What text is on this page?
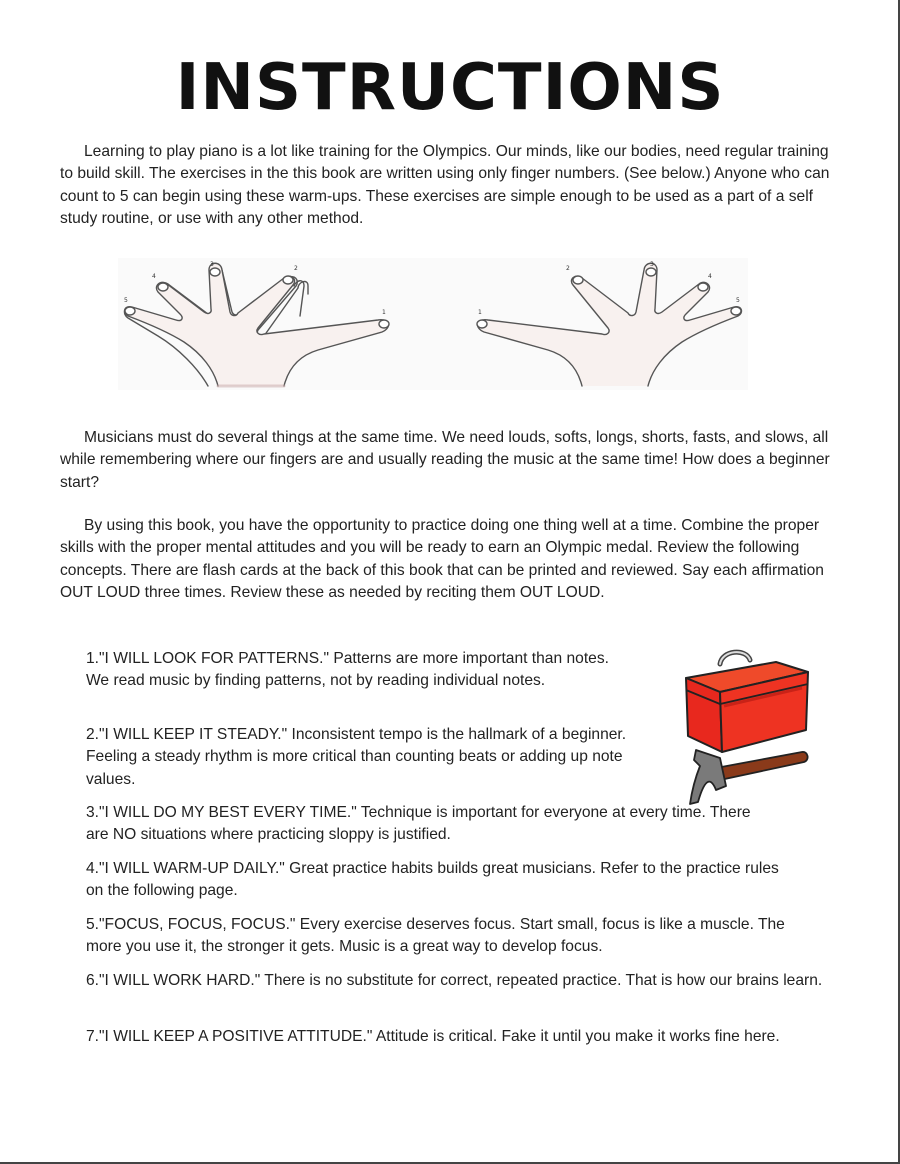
INSTRUCTIONS

Learning to play piano is a lot like training for the Olympics. Our minds, like our bodies, need regular training to build skill. The exercises in the this book are written using only finger numbers. (See below.) Anyone who can count to 5 can begin using these warm-ups. These exercises are simple enough to be used as a part of a self study routine, or use with any other method.

5
4
3
2
1
5
4
3
2
1

Musicians must do several things at the same time. We need louds, softs, longs, shorts, fasts, and slows, all while remembering where our fingers are and usually reading the music at the same time! How does a beginner start?

By using this book, you have the opportunity to practice doing one thing well at a time. Combine the proper skills with the proper mental attitudes and you will be ready to earn an Olympic medal. Review the following concepts. There are flash cards at the back of this book that can be printed and reviewed. Say each affirmation OUT LOUD three times. Review these as needed by reciting them OUT LOUD.

1."I WILL LOOK FOR PATTERNS." Patterns are more important than notes. We read music by finding patterns, not by reading individual notes.

2."I WILL KEEP IT STEADY." Inconsistent tempo is the hallmark of a beginner. Feeling a steady rhythm is more critical than counting beats or adding up note values.

3."I WILL DO MY BEST EVERY TIME." Technique is important for everyone at every time. There are NO situations where practicing sloppy is justified.

4."I WILL WARM-UP DAILY." Great practice habits builds great musicians. Refer to the practice rules on the following page.

5."FOCUS, FOCUS, FOCUS." Every exercise deserves focus. Start small, focus is like a muscle. The more you use it, the stronger it gets. Music is a great way to develop focus.

6."I WILL WORK HARD." There is no substitute for correct, repeated practice. That is how our brains learn.

7."I WILL KEEP A POSITIVE ATTITUDE." Attitude is critical. Fake it until you make it works fine here.
